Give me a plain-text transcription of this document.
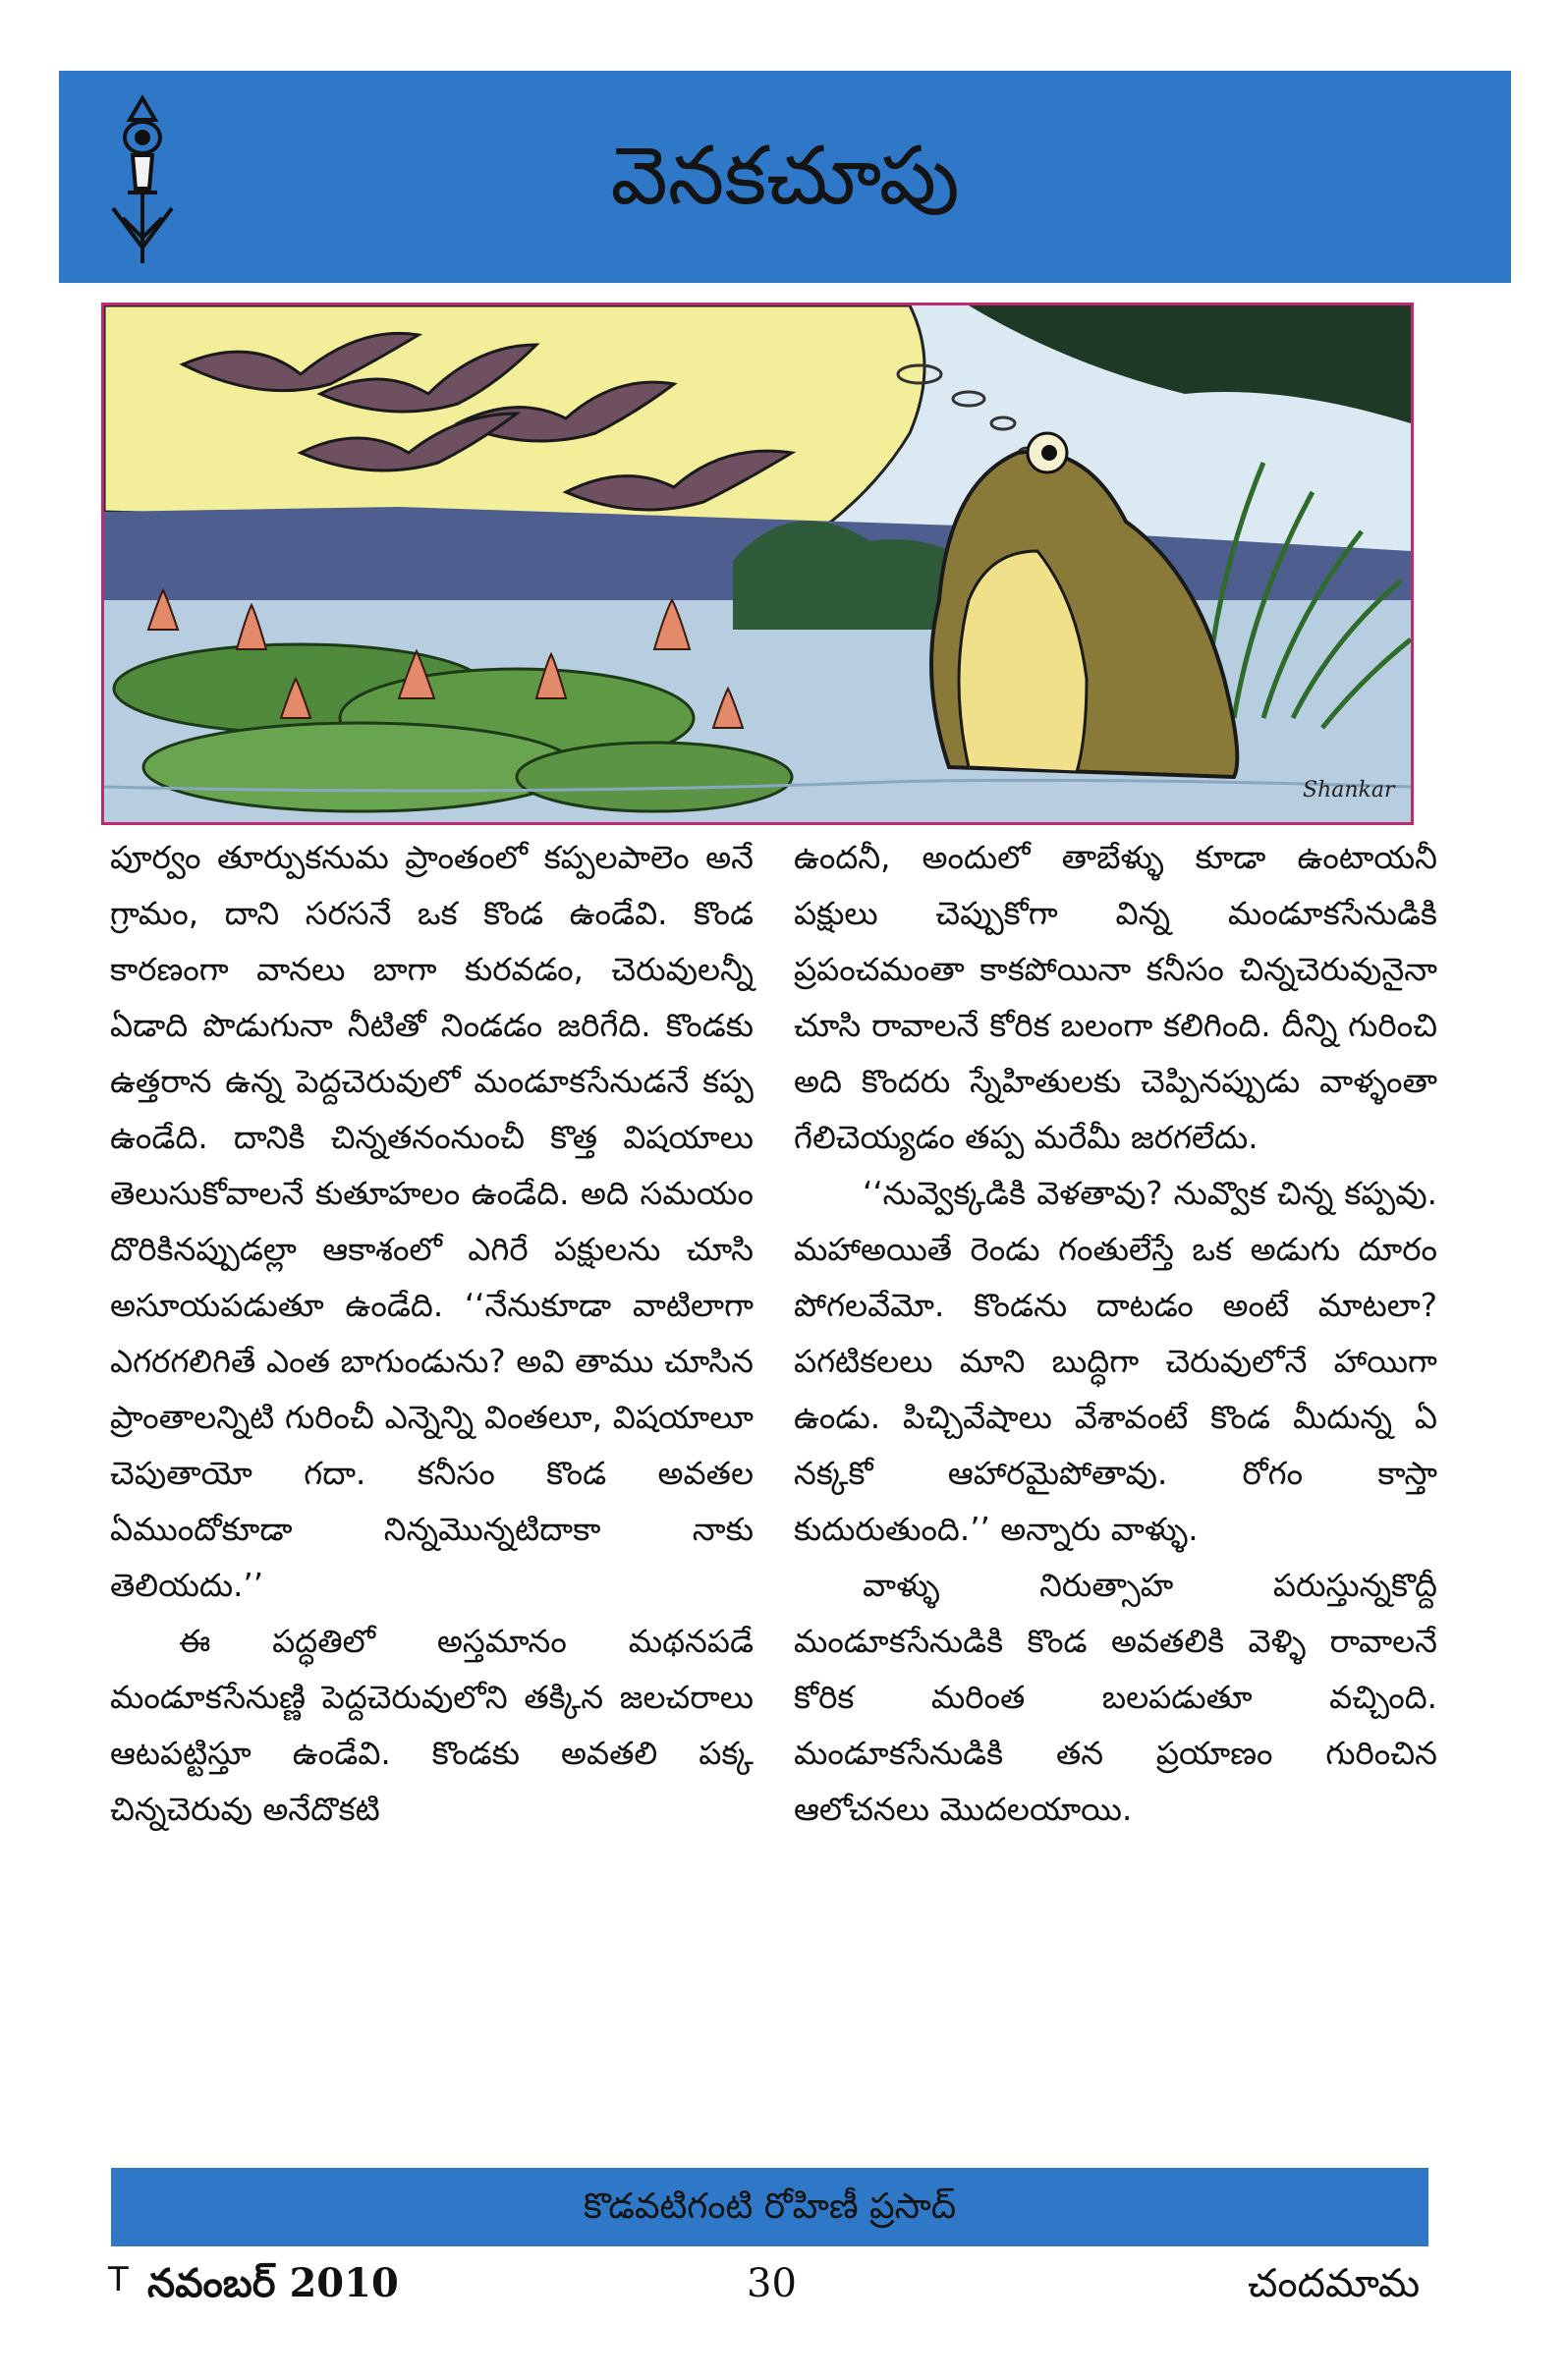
వెనకచూపు
Shankar

పూర్వం తూర్పుకనుమ ప్రాంతంలో కప్పలపాలెం అనే గ్రామం, దాని సరసనే ఒక కొండ ఉండేవి. కొండ కారణంగా వానలు బాగా కురవడం, చెరువులన్నీ ఏడాది పొడుగునా నీటితో నిండడం జరిగేది. కొండకు ఉత్తరాన ఉన్న పెద్దచెరువులో మండూకసేనుడనే కప్ప ఉండేది. దానికి చిన్నతనంనుంచీ కొత్త విషయాలు తెలుసుకోవాలనే కుతూహలం ఉండేది. అది సమయం దొరికినప్పుడల్లా ఆకాశంలో ఎగిరే పక్షులను చూసి అసూయపడుతూ ఉండేది. ‘‘నేనుకూడా వాటిలాగా ఎగరగలిగితే ఎంత బాగుండును? అవి తాము చూసిన ప్రాంతాలన్నిటి గురించీ ఎన్నెన్ని వింతలూ, విషయాలూ చెపుతాయో గదా. కనీసం కొండ అవతల ఏముందోకూడా నిన్నమొన్నటిదాకా నాకు తెలియదు.’’

ఈ పద్ధతిలో అస్తమానం మథనపడే మండూకసేనుణ్ణి పెద్దచెరువులోని తక్కిన జలచరాలు ఆటపట్టిస్తూ ఉండేవి. కొండకు అవతలి పక్క చిన్నచెరువు అనేదొకటి

ఉందనీ, అందులో తాబేళ్ళు కూడా ఉంటాయనీ పక్షులు చెప్పుకోగా విన్న మండూకసేనుడికి ప్రపంచమంతా కాకపోయినా కనీసం చిన్నచెరువునైనా చూసి రావాలనే కోరిక బలంగా కలిగింది. దీన్ని గురించి అది కొందరు స్నేహితులకు చెప్పినప్పుడు వాళ్ళంతా గేలిచెయ్యడం తప్ప మరేమీ జరగలేదు.

‘‘నువ్వెక్కడికి వెళతావు? నువ్వొక చిన్న కప్పవు. మహాఅయితే రెండు గంతులేస్తే ఒక అడుగు దూరం పోగలవేమో. కొండను దాటడం అంటే మాటలా? పగటికలలు మాని బుద్ధిగా చెరువులోనే హాయిగా ఉండు. పిచ్చివేషాలు వేశావంటే కొండ మీదున్న ఏ నక్కకో ఆహారమైపోతావు. రోగం కాస్తా కుదురుతుంది.’’ అన్నారు వాళ్ళు.

వాళ్ళు నిరుత్సాహ పరుస్తున్నకొద్దీ మండూకసేనుడికి కొండ అవతలికి వెళ్ళి రావాలనే కోరిక మరింత బలపడుతూ వచ్చింది. మండూకసేనుడికి తన ప్రయాణం గురించిన ఆలోచనలు మొదలయాయి.

కొడవటిగంటి రోహిణీ ప్రసాద్
T నవంబర్ 2010	30	చందమామ
